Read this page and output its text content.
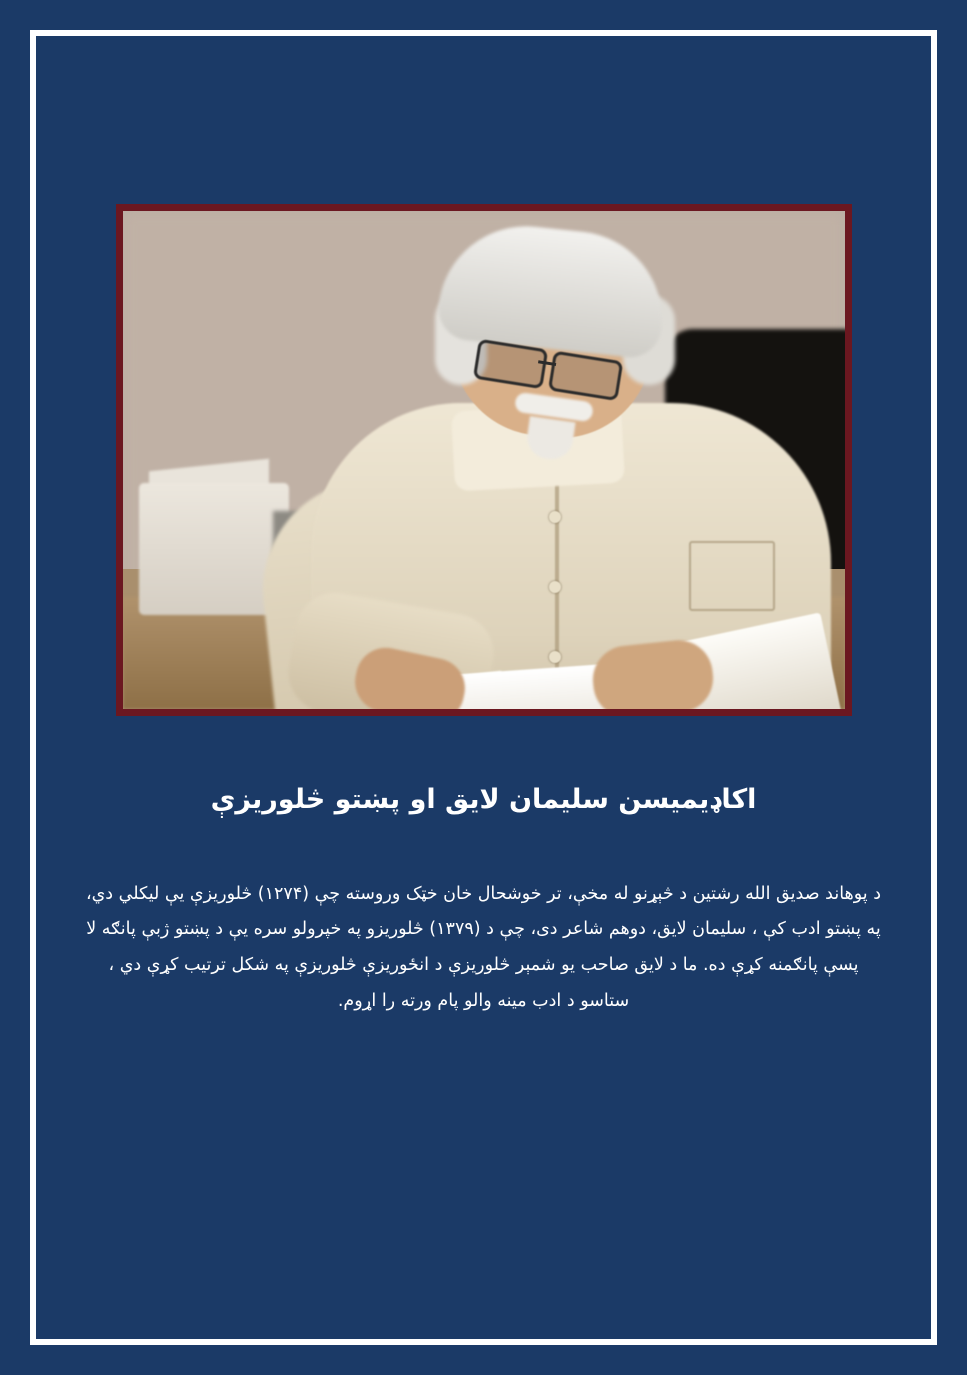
اکاډیمیسن سلیمان لایق او پښتو څلوریزې
د پوهاند صدیق الله رشتین د څېړنو له مخې، تر خوشحال خان خټک وروسته چې (۱۲۷۴) څلوریزې یې لیکلي دي، په پښتو ادب کې ، سلیمان لایق، دوهم شاعر دی، چې د (۱۳۷۹) څلوریزو په خپرولو سره یې د پښتو ژبې پانګه لا پسې پانګمنه کړې ده. ما د لایق صاحب یو شمېر څلوریزې د انځوریزې څلوریزې په شکل ترتیب کړې دي ، ستاسو د ادب مینه والو پام ورته را اړوم.
